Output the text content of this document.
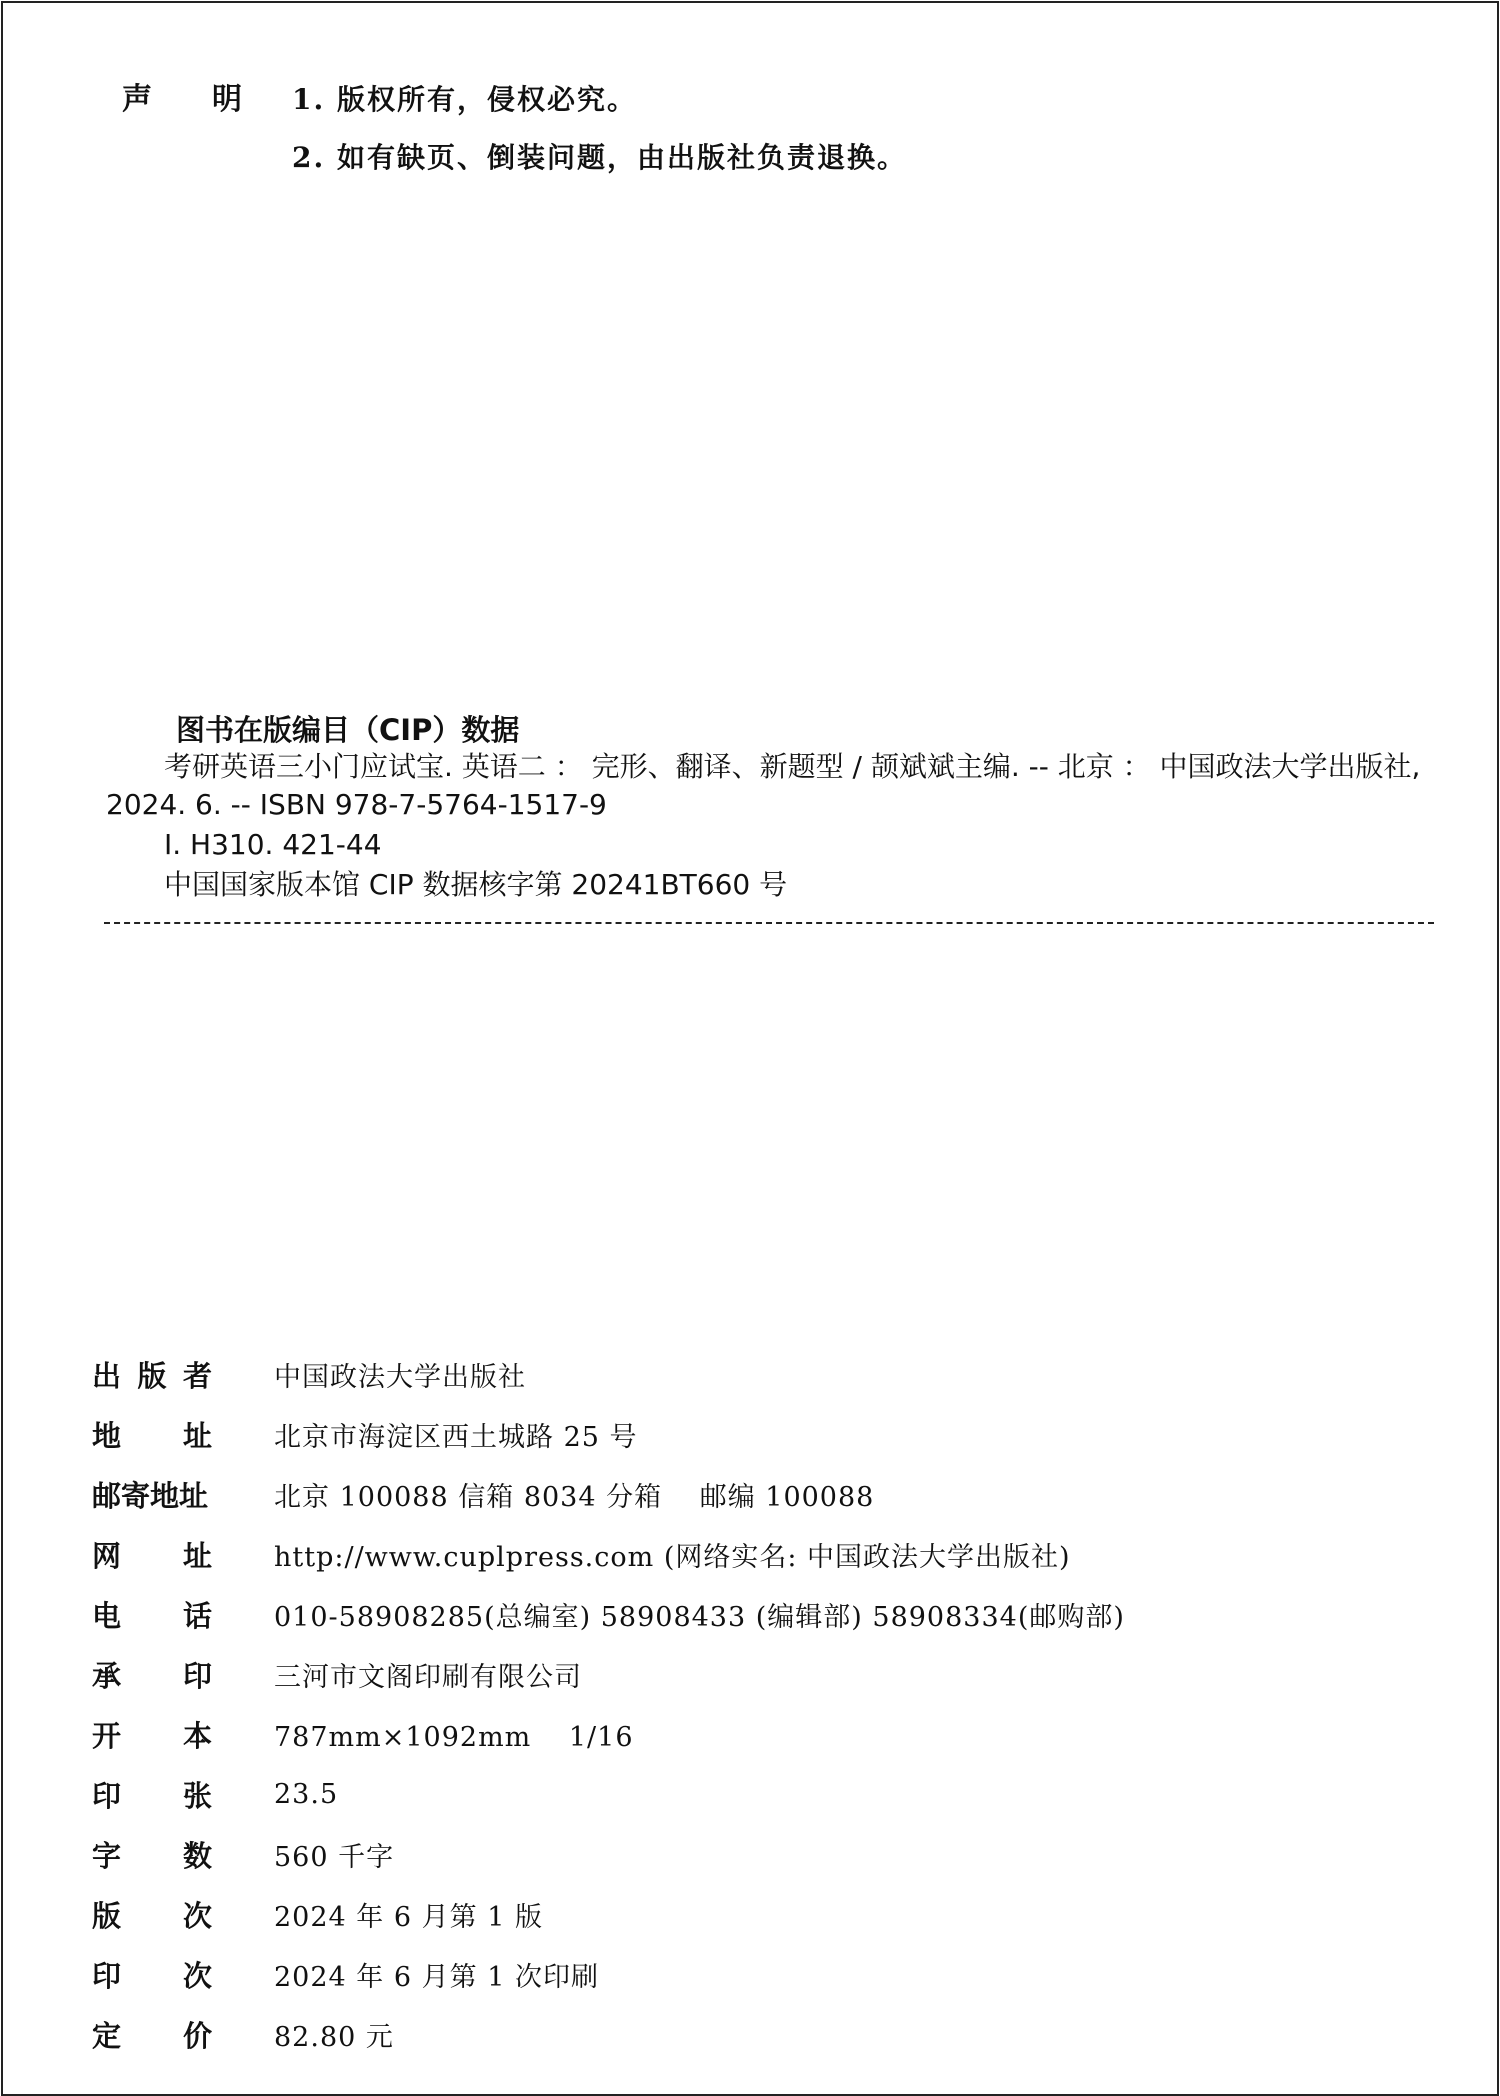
声 明 1. 版权所有，侵权必究。
2. 如有缺页、倒装问题，由出版社负责退换。
图书在版编目（CIP）数据
考研英语三小门应试宝. 英语二 ： 完形、翻译、新题型 / 颉斌斌主编. -- 北京 ： 中国政法大学出版社, 2024. 6. -- ISBN 978-7-5764-1517-9
Ⅰ. H310. 421-44
中国国家版本馆 CIP 数据核字第 20241BT660 号
出 版 者 中国政法大学出版社
地 址 北京市海淀区西土城路 25 号
邮寄地址 北京 100088 信箱 8034 分箱　 邮编 100088
网 址 http://www.cuplpress.com (网络实名: 中国政法大学出版社)
电 话 010-58908285(总编室) 58908433 (编辑部) 58908334(邮购部)
承 印 三河市文阁印刷有限公司
开 本 787mm×1092mm　 1/16
印 张 23.5
字 数 560 千字
版 次 2024 年 6 月第 1 版
印 次 2024 年 6 月第 1 次印刷
定 价 82.80 元
